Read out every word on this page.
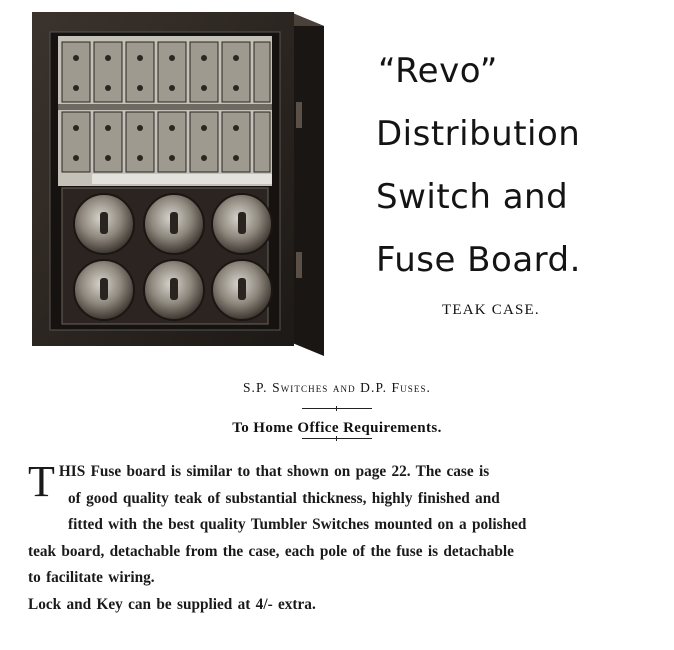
“Revo”
Distribution
Switch and
Fuse Board.
TEAK CASE.
S.P. Switches and D.P. Fuses.
To Home Office Requirements.

T HIS Fuse board is similar to that shown on page 22. The case is
of good quality teak of substantial thickness, highly finished and
fitted with the best quality Tumbler Switches mounted on a polished
teak board, detachable from the case, each pole of the fuse is detachable
to facilitate wiring.

Lock and Key can be supplied at 4/- extra.
